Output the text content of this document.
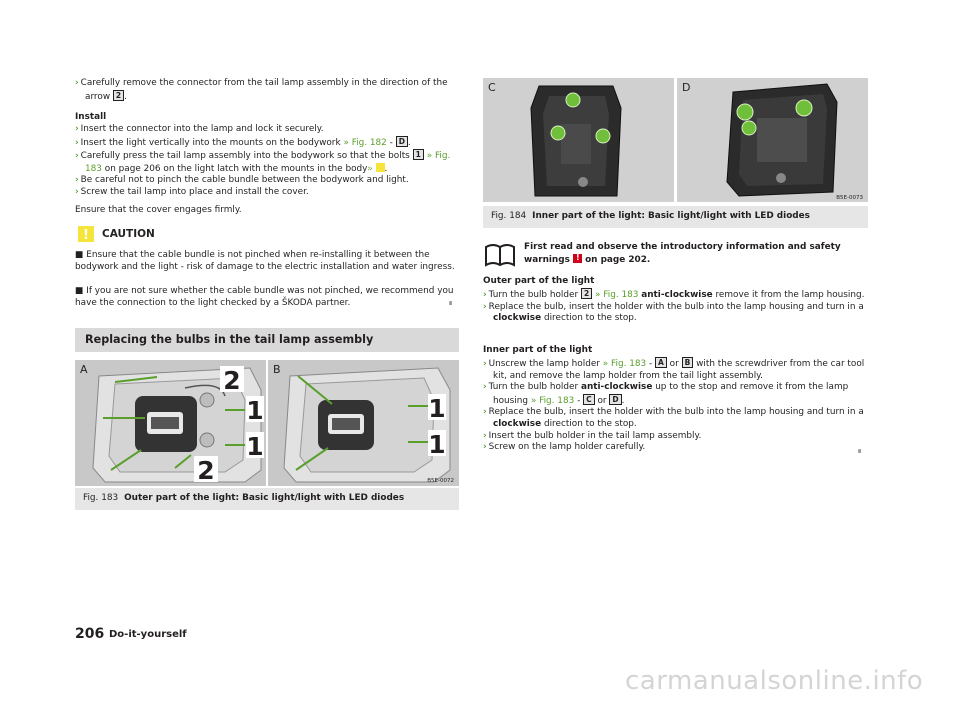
› Carefully remove the connector from the tail lamp assembly in the direction of the arrow 2 .
Install
› Insert the connector into the lamp and lock it securely.
› Insert the light vertically into the mounts on the bodywork » Fig. 182 - D .
› Carefully press the tail lamp assembly into the bodywork so that the bolts 1 » Fig. 183 on page 206 on the light latch with the mounts in the body ! .
› Be careful not to pinch the cable bundle between the bodywork and light.
› Screw the tail lamp into place and install the cover.
Ensure that the cover engages firmly.
! CAUTION
■ Ensure that the cable bundle is not pinched when re-installing it between the bodywork and the light - risk of damage to the electric installation and water ingress.
■ If you are not sure whether the cable bundle was not pinched, we recommend you have the connection to the light checked by a ŠKODA partner.	∎
Replacing the bulbs in the tail lamp assembly
A	2
1
1
2
B
1
1
B5E-0072
Fig. 183 Outer part of the light: Basic light/light with LED diodes
C	D
B5E-0073
Fig. 184 Inner part of the light: Basic light/light with LED diodes
First read and observe the introductory information and safety warnings ! on page 202.
Outer part of the light
› Turn the bulb holder 2 » Fig. 183 anti-clockwise remove it from the lamp housing.
› Replace the bulb, insert the holder with the bulb into the lamp housing and turn in a clockwise direction to the stop.
Inner part of the light
› Unscrew the lamp holder » Fig. 183 - A or B with the screwdriver from the car tool kit, and remove the lamp holder from the tail light assembly.
› Turn the bulb holder anti-clockwise up to the stop and remove it from the lamp housing » Fig. 183 - C or D .
› Replace the bulb, insert the holder with the bulb into the lamp housing and turn in a clockwise direction to the stop.
› Insert the bulb holder in the tail lamp assembly.
› Screw on the lamp holder carefully.	∎
206 Do-it-yourself
carmanualsonline.info
